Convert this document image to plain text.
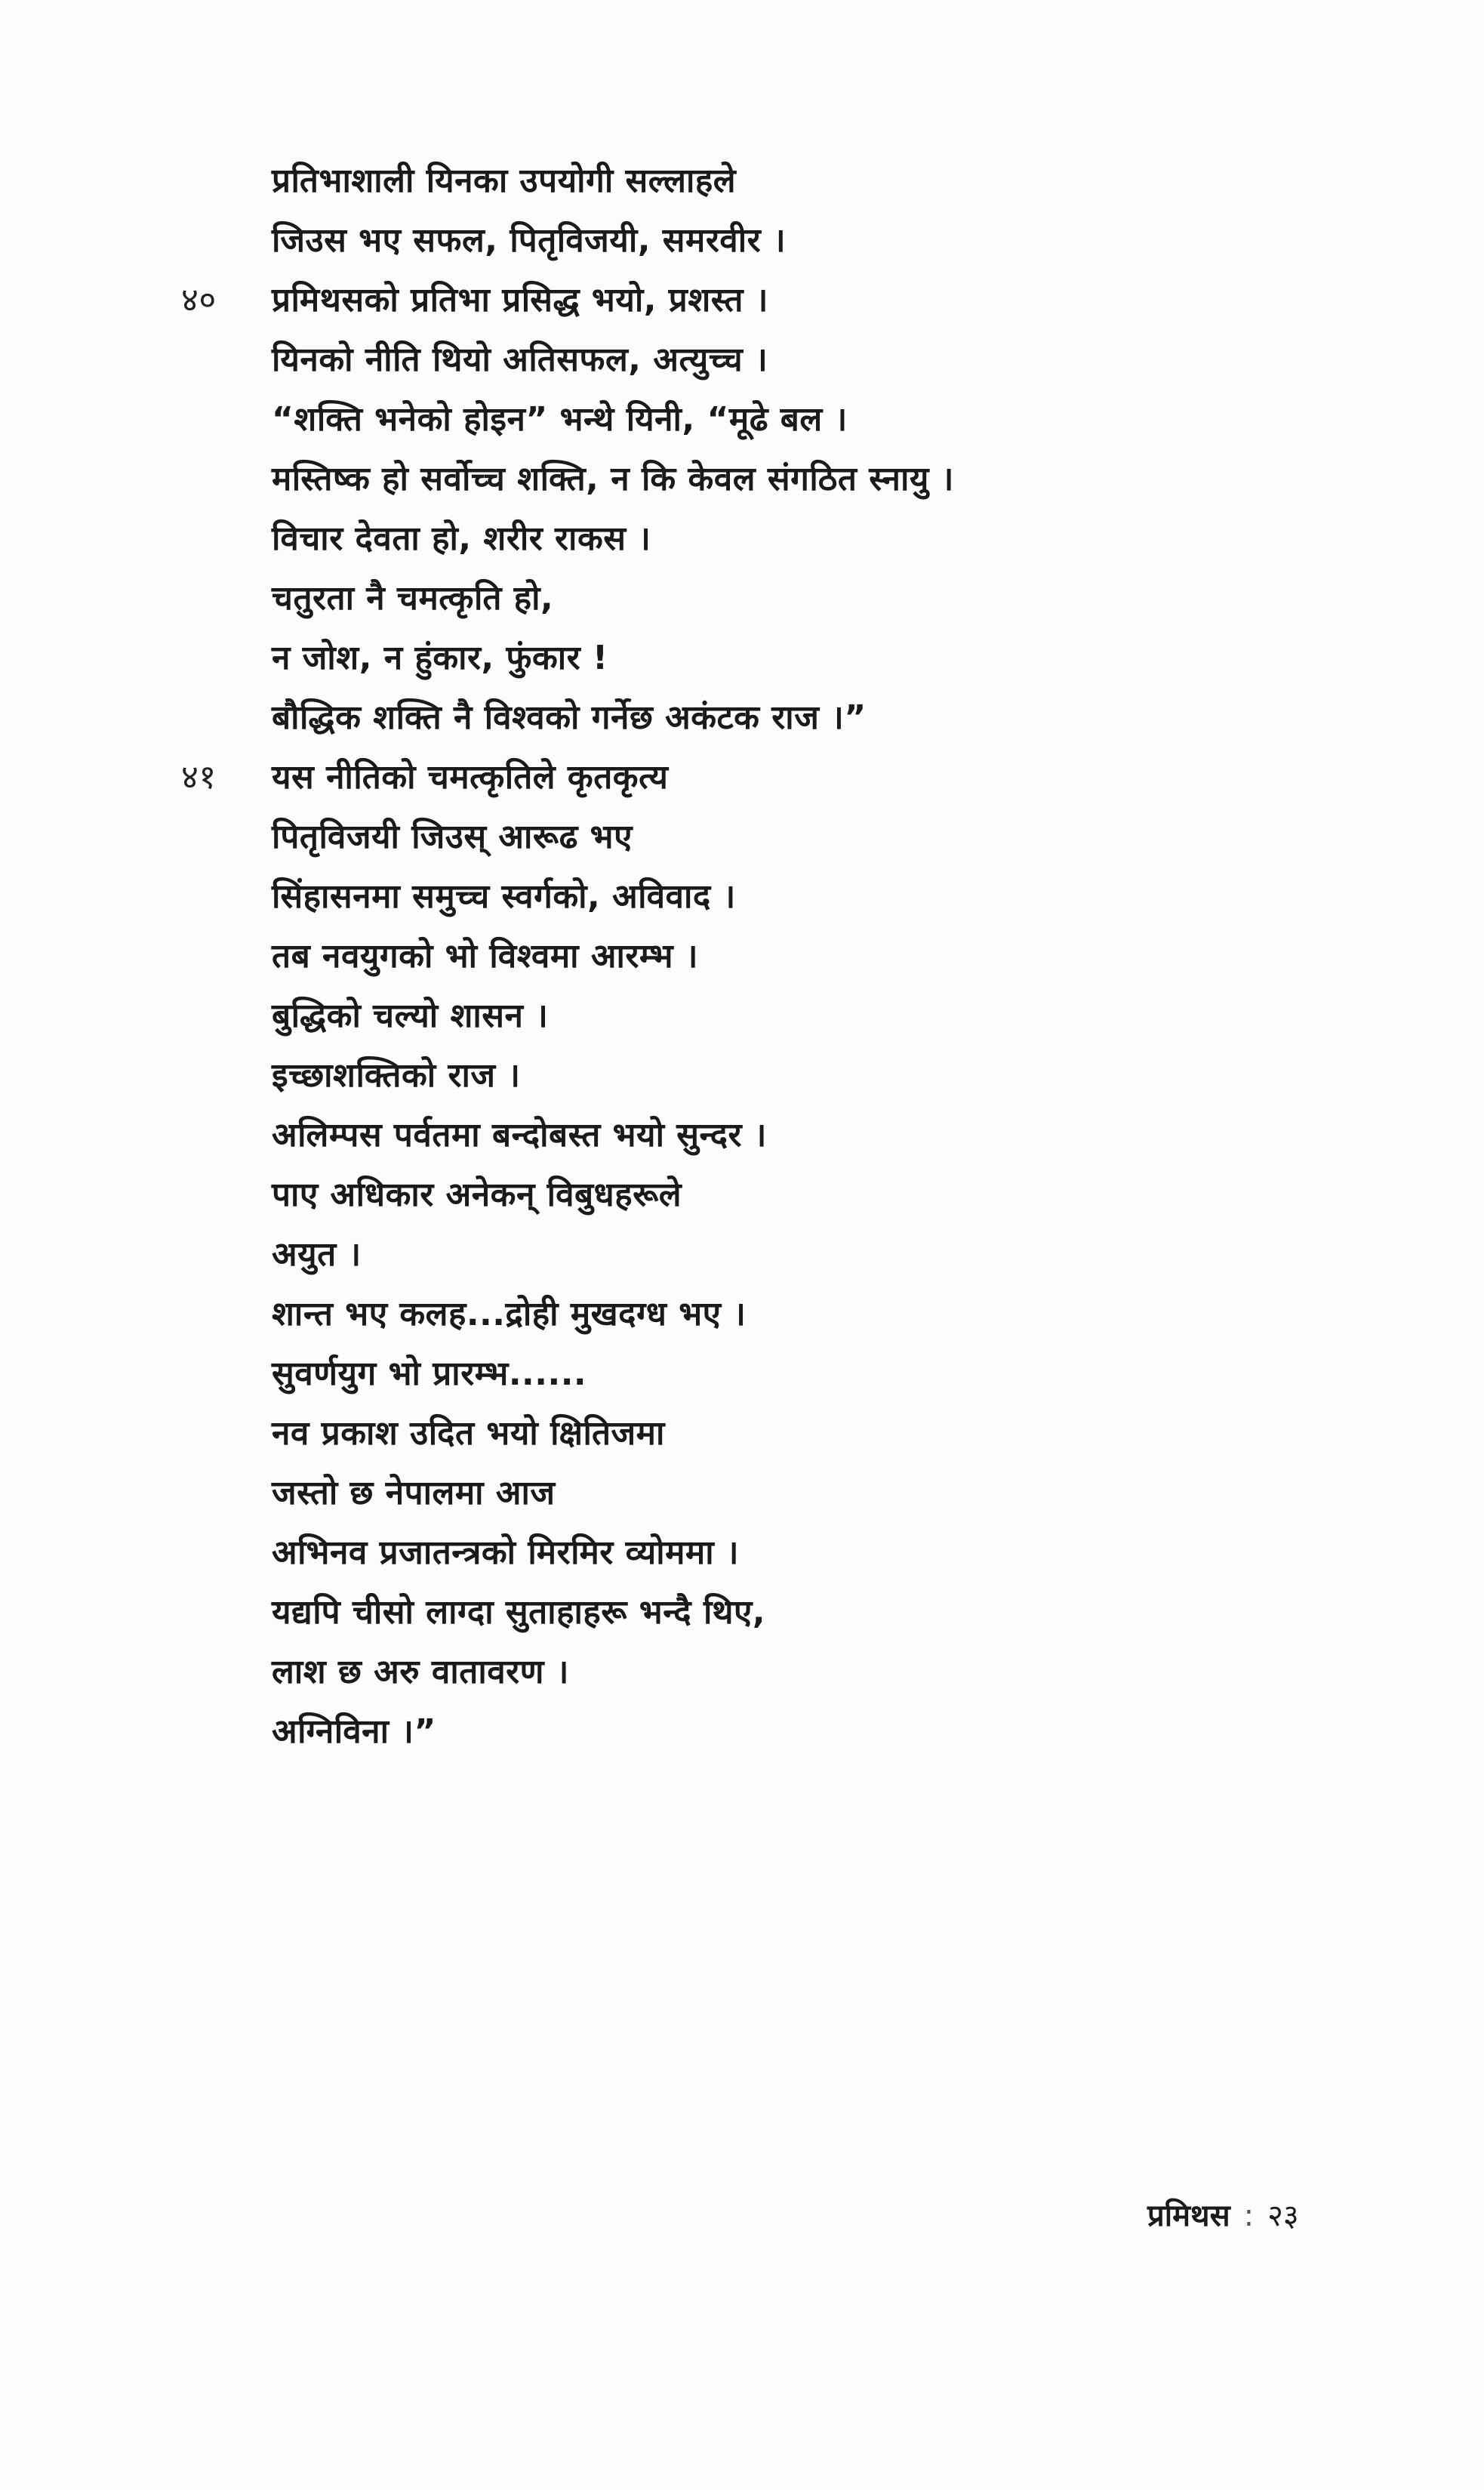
प्रतिभाशाली यिनका उपयोगी सल्लाहले
जिउस भए सफल, पितृविजयी, समरवीर ।
४०	प्रमिथसको प्रतिभा प्रसिद्ध भयो, प्रशस्त ।
यिनको नीति थियो अतिसफल, अत्युच्च ।
“शक्ति भनेको होइन” भन्थे यिनी, “मूढे बल ।
मस्तिष्क हो सर्वोच्च शक्ति, न कि केवल संगठित स्नायु ।
विचार देवता हो, शरीर राकस ।
चतुरता नै चमत्कृति हो,
न जोश, न हुंकार, फुंकार !
बौद्धिक शक्ति नै विश्वको गर्नेछ अकंटक राज ।”
४१	यस नीतिको चमत्कृतिले कृतकृत्य
पितृविजयी जिउस् आरूढ भए
सिंहासनमा समुच्च स्वर्गको, अविवाद ।
तब नवयुगको भो विश्वमा आरम्भ ।
बुद्धिको चल्यो शासन ।
इच्छाशक्तिको राज ।
अलिम्पस पर्वतमा बन्दोबस्त भयो सुन्दर ।
पाए अधिकार अनेकन् विबुधहरूले
अयुत ।
शान्त भए कलह...द्रोही मुखदग्ध भए ।
सुवर्णयुग भो प्रारम्भ......
नव प्रकाश उदित भयो क्षितिजमा
जस्तो छ नेपालमा आज
अभिनव प्रजातन्त्रको मिरमिर व्योममा ।
यद्यपि चीसो लाग्दा सुताहाहरू भन्दै थिए,
लाश छ अरु वातावरण ।
अग्निविना ।”
प्रमिथस : २३
